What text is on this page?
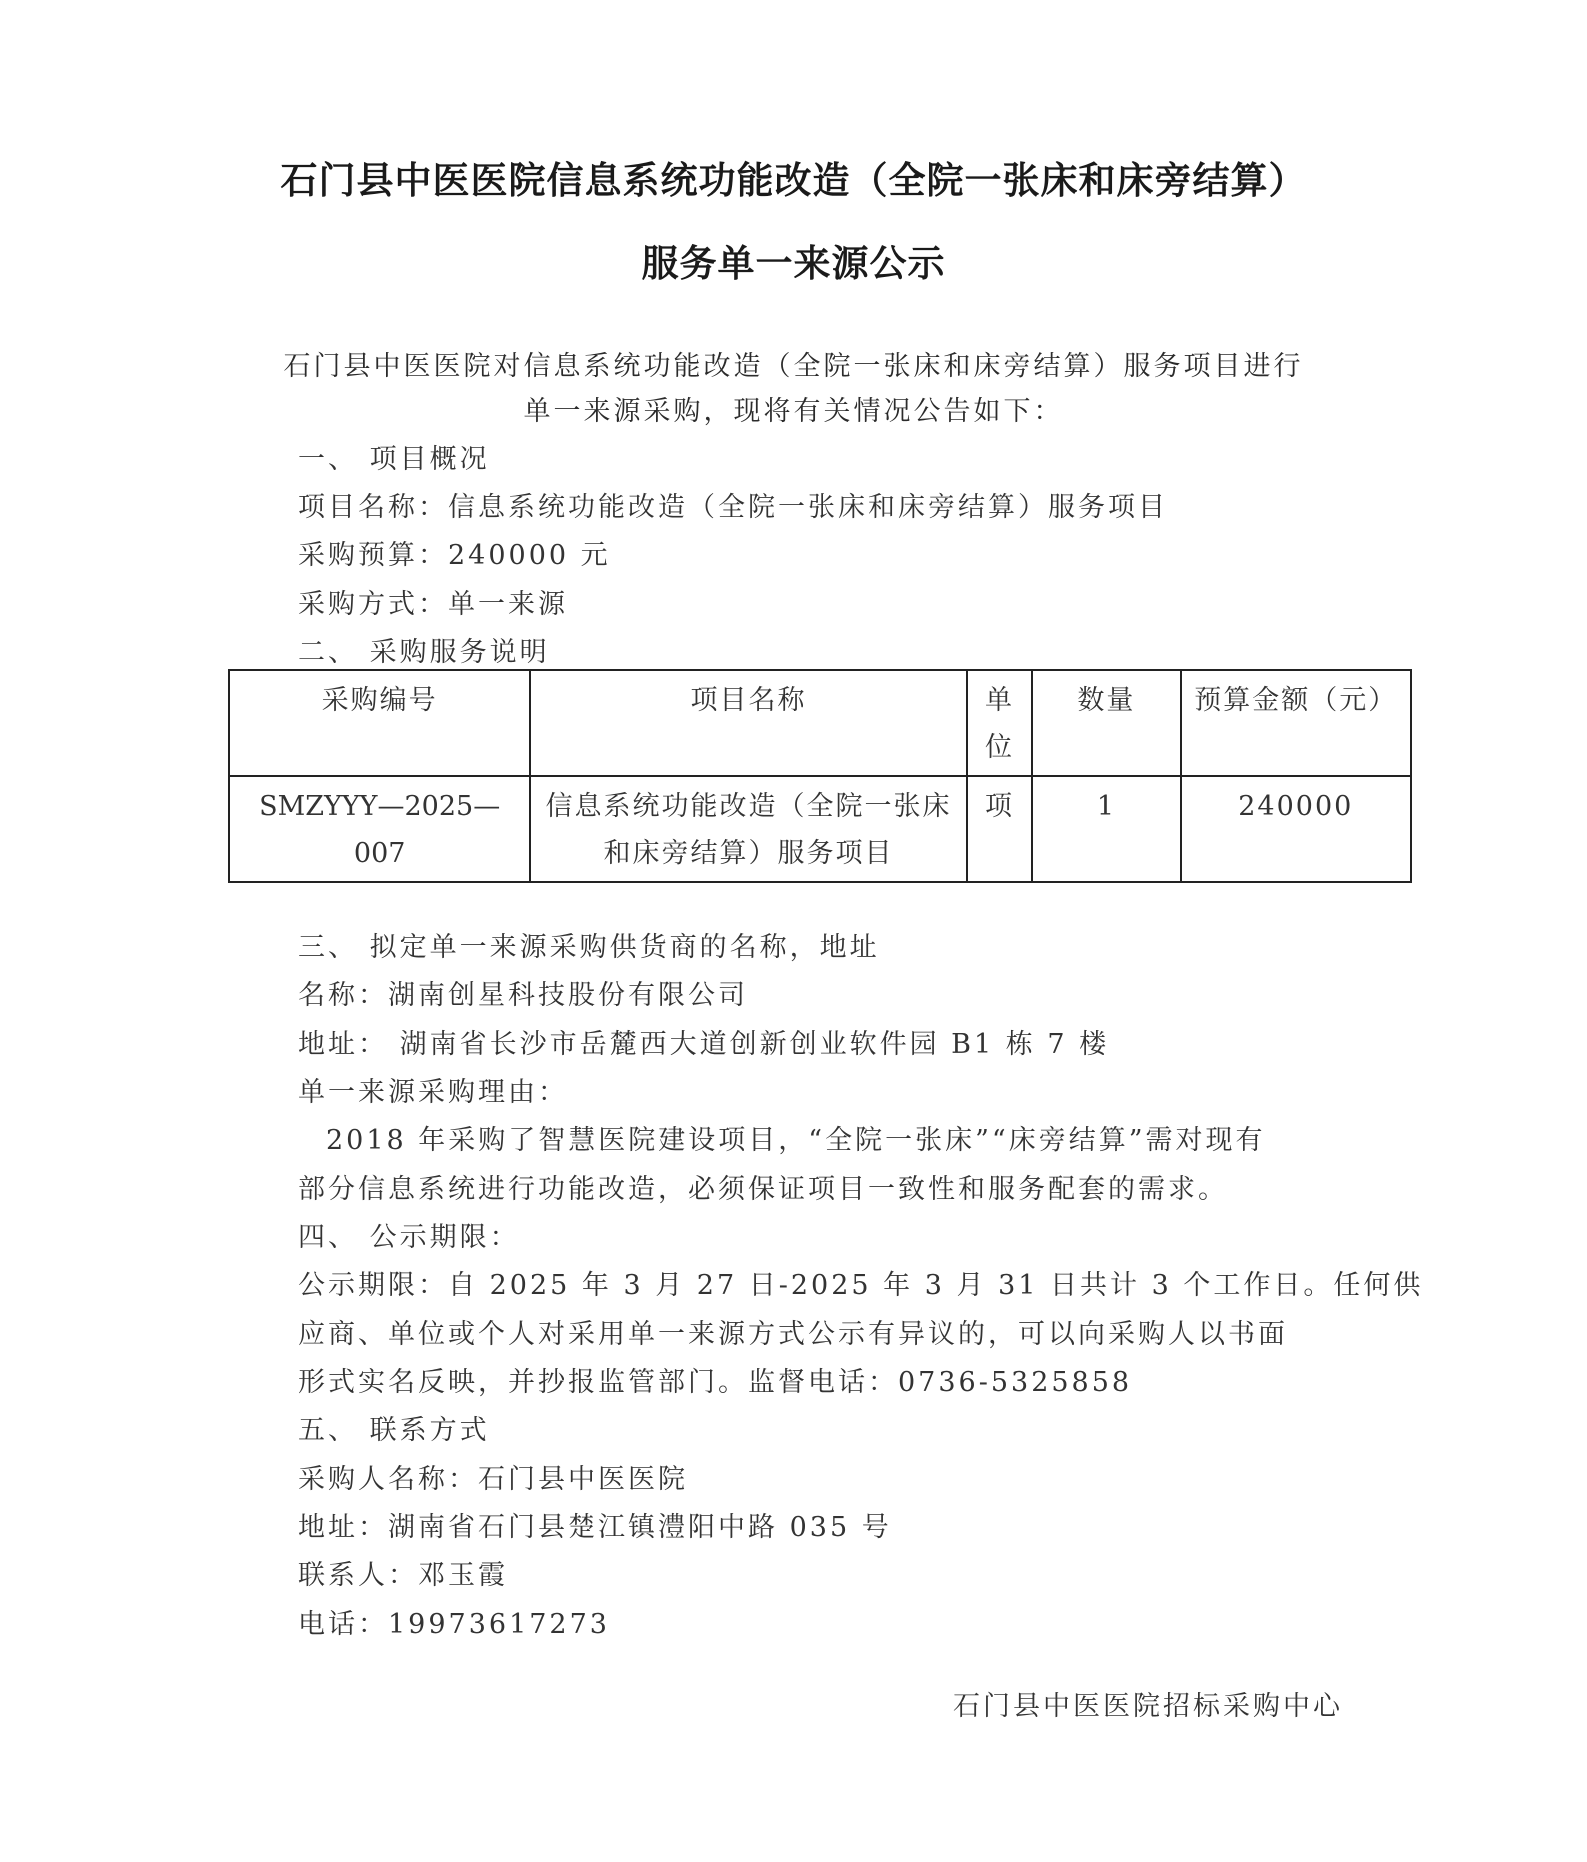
石门县中医医院信息系统功能改造（全院一张床和床旁结算）
服务单一来源公示
石门县中医医院对信息系统功能改造（全院一张床和床旁结算）服务项目进行
单一来源采购，现将有关情况公告如下：
一、 项目概况
项目名称：信息系统功能改造（全院一张床和床旁结算）服务项目
采购预算：240000 元
采购方式：单一来源
二、 采购服务说明
采购编号	项目名称	单位	数量	预算金额（元）
SMZYYY—2025—007	信息系统功能改造（全院一张床和床旁结算）服务项目	项	1	240000
三、 拟定单一来源采购供货商的名称，地址
名称：湖南创星科技股份有限公司
地址： 湖南省长沙市岳麓西大道创新创业软件园 B1 栋 7 楼
单一来源采购理由：
2018 年采购了智慧医院建设项目，“全院一张床”“床旁结算”需对现有
部分信息系统进行功能改造，必须保证项目一致性和服务配套的需求。
四、 公示期限：
公示期限：自 2025 年 3 月 27 日-2025 年 3 月 31 日共计 3 个工作日。任何供
应商、单位或个人对采用单一来源方式公示有异议的，可以向采购人以书面
形式实名反映，并抄报监管部门。监督电话：0736-5325858
五、 联系方式
采购人名称：石门县中医医院
地址：湖南省石门县楚江镇澧阳中路 035 号
联系人：邓玉霞
电话：19973617273
石门县中医医院招标采购中心
